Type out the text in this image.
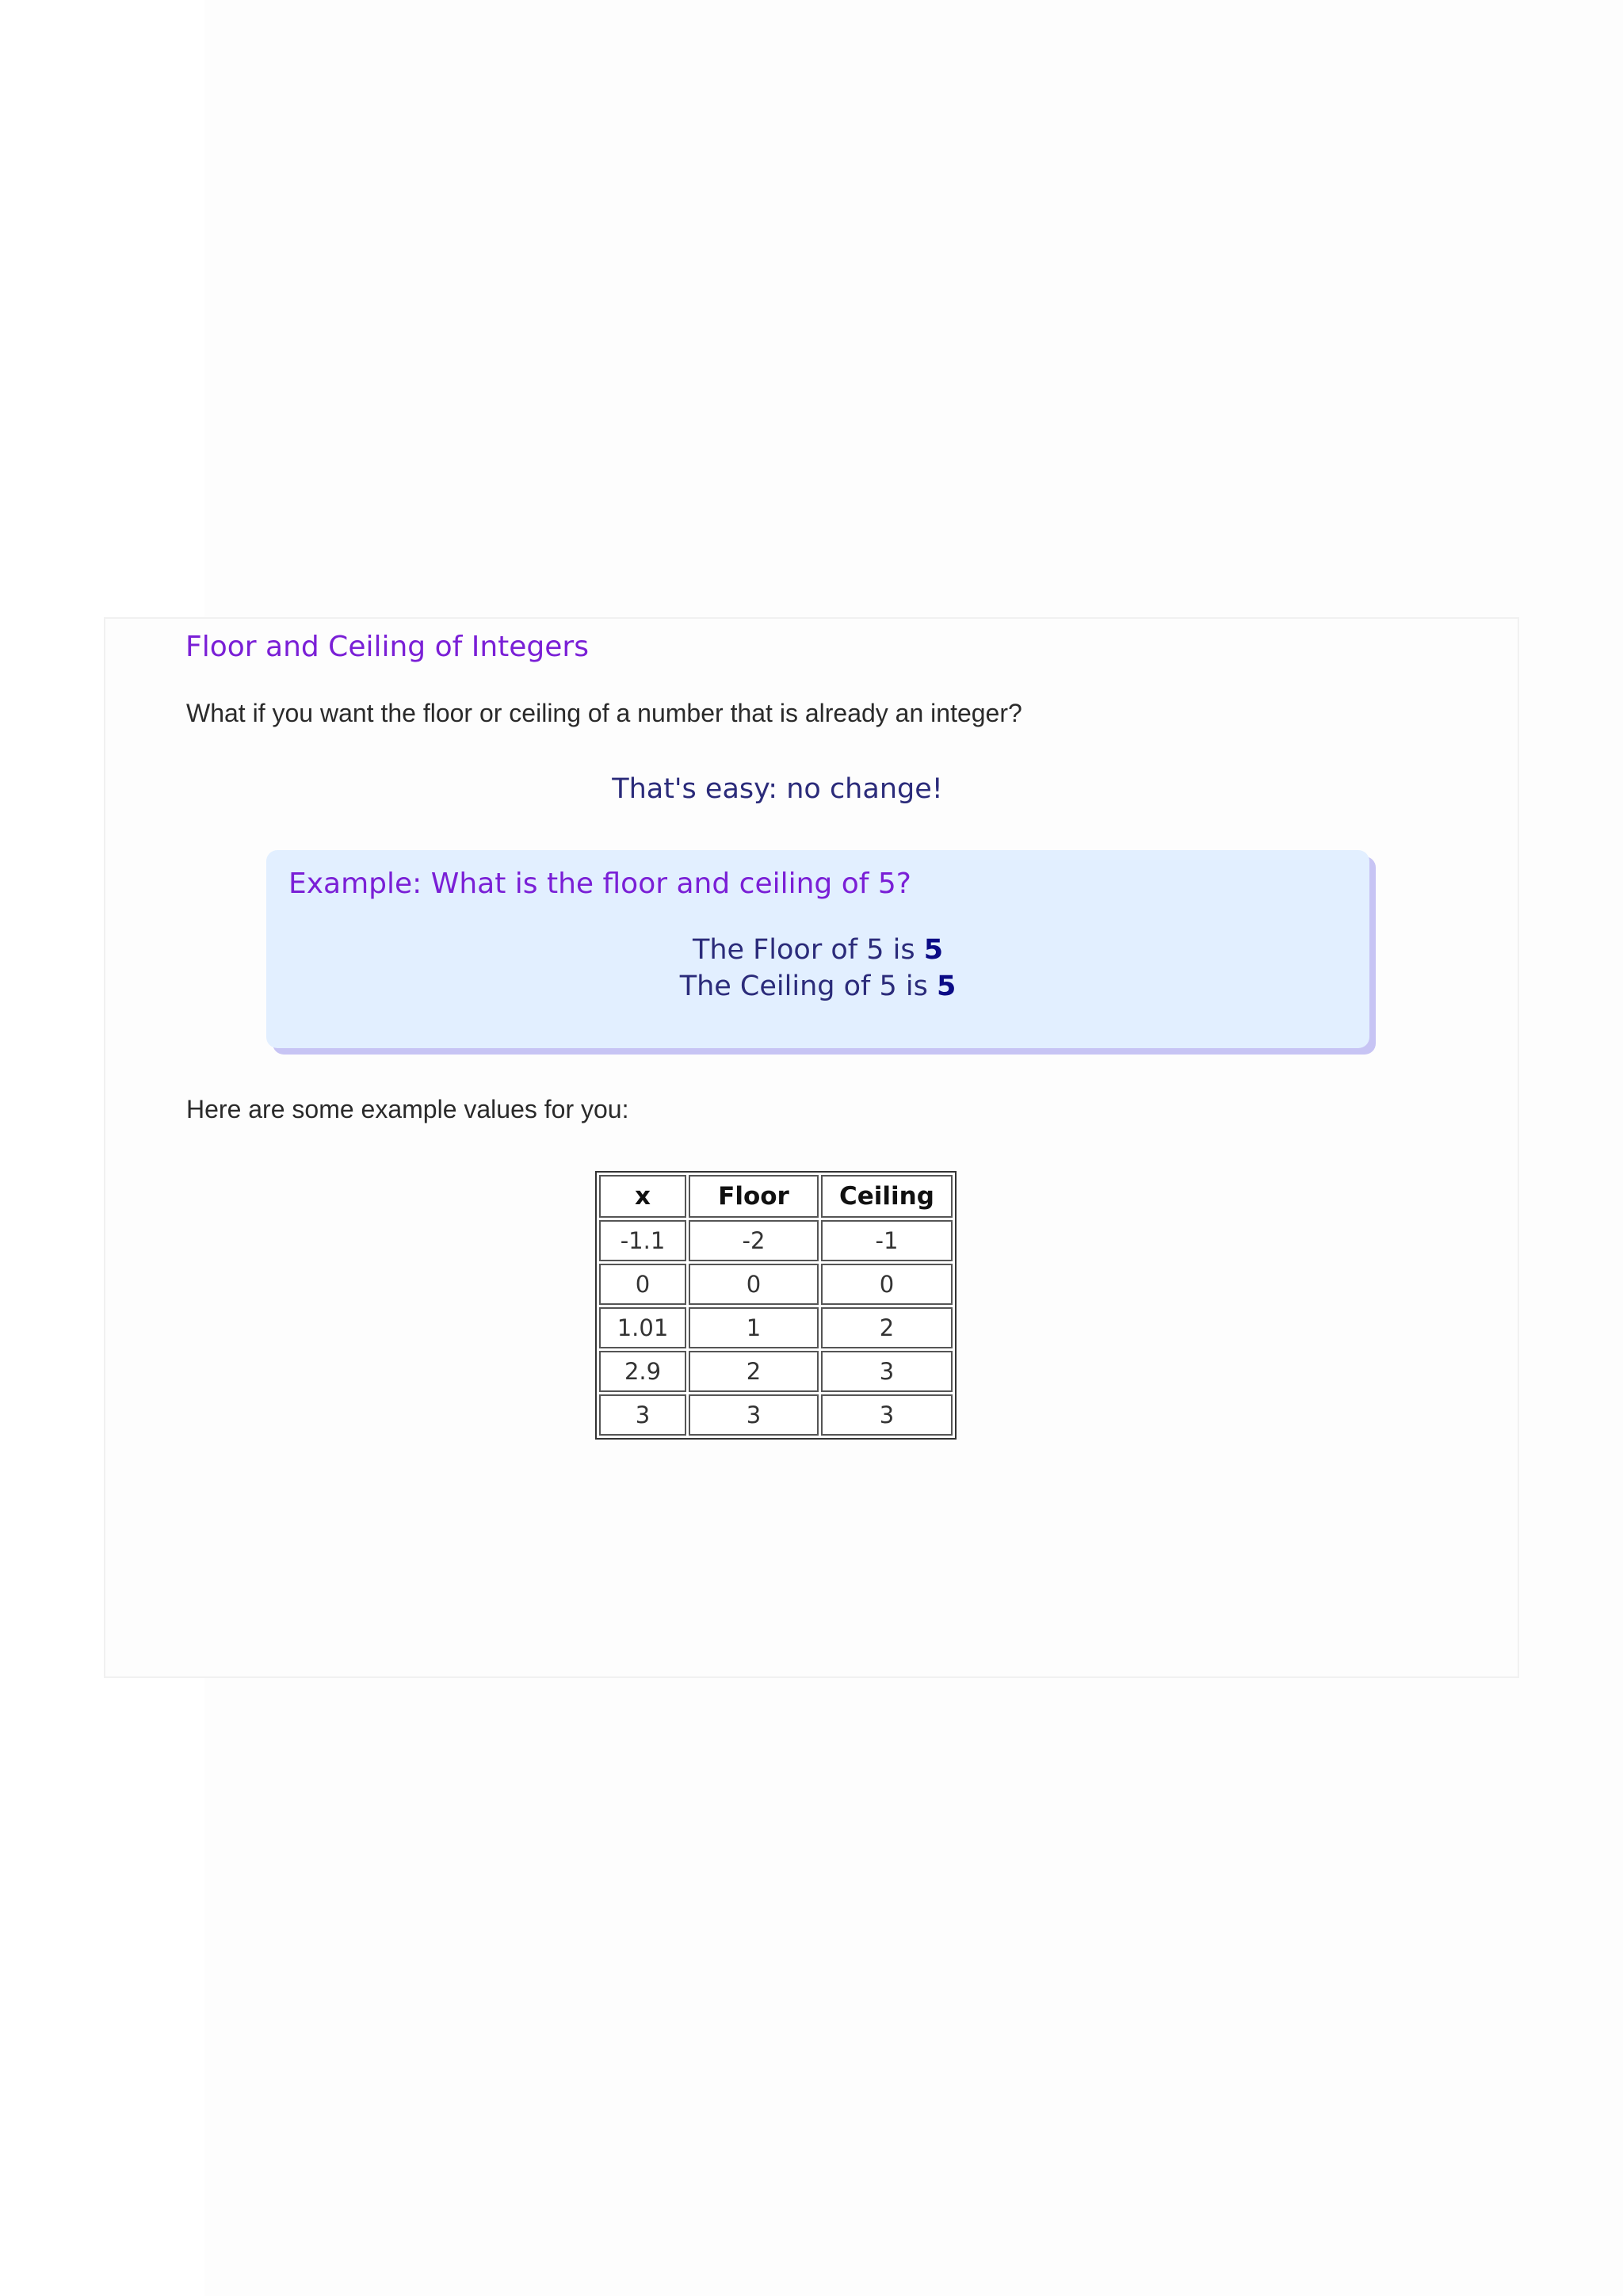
Floor and Ceiling of Integers
What if you want the floor or ceiling of a number that is already an integer?
That's easy: no change!
Example: What is the floor and ceiling of 5?
The Floor of 5 is 5
The Ceiling of 5 is 5
Here are some example values for you:
x	Floor	Ceiling
-1.1	-2	-1
0	0	0
1.01	1	2
2.9	2	3
3	3	3
